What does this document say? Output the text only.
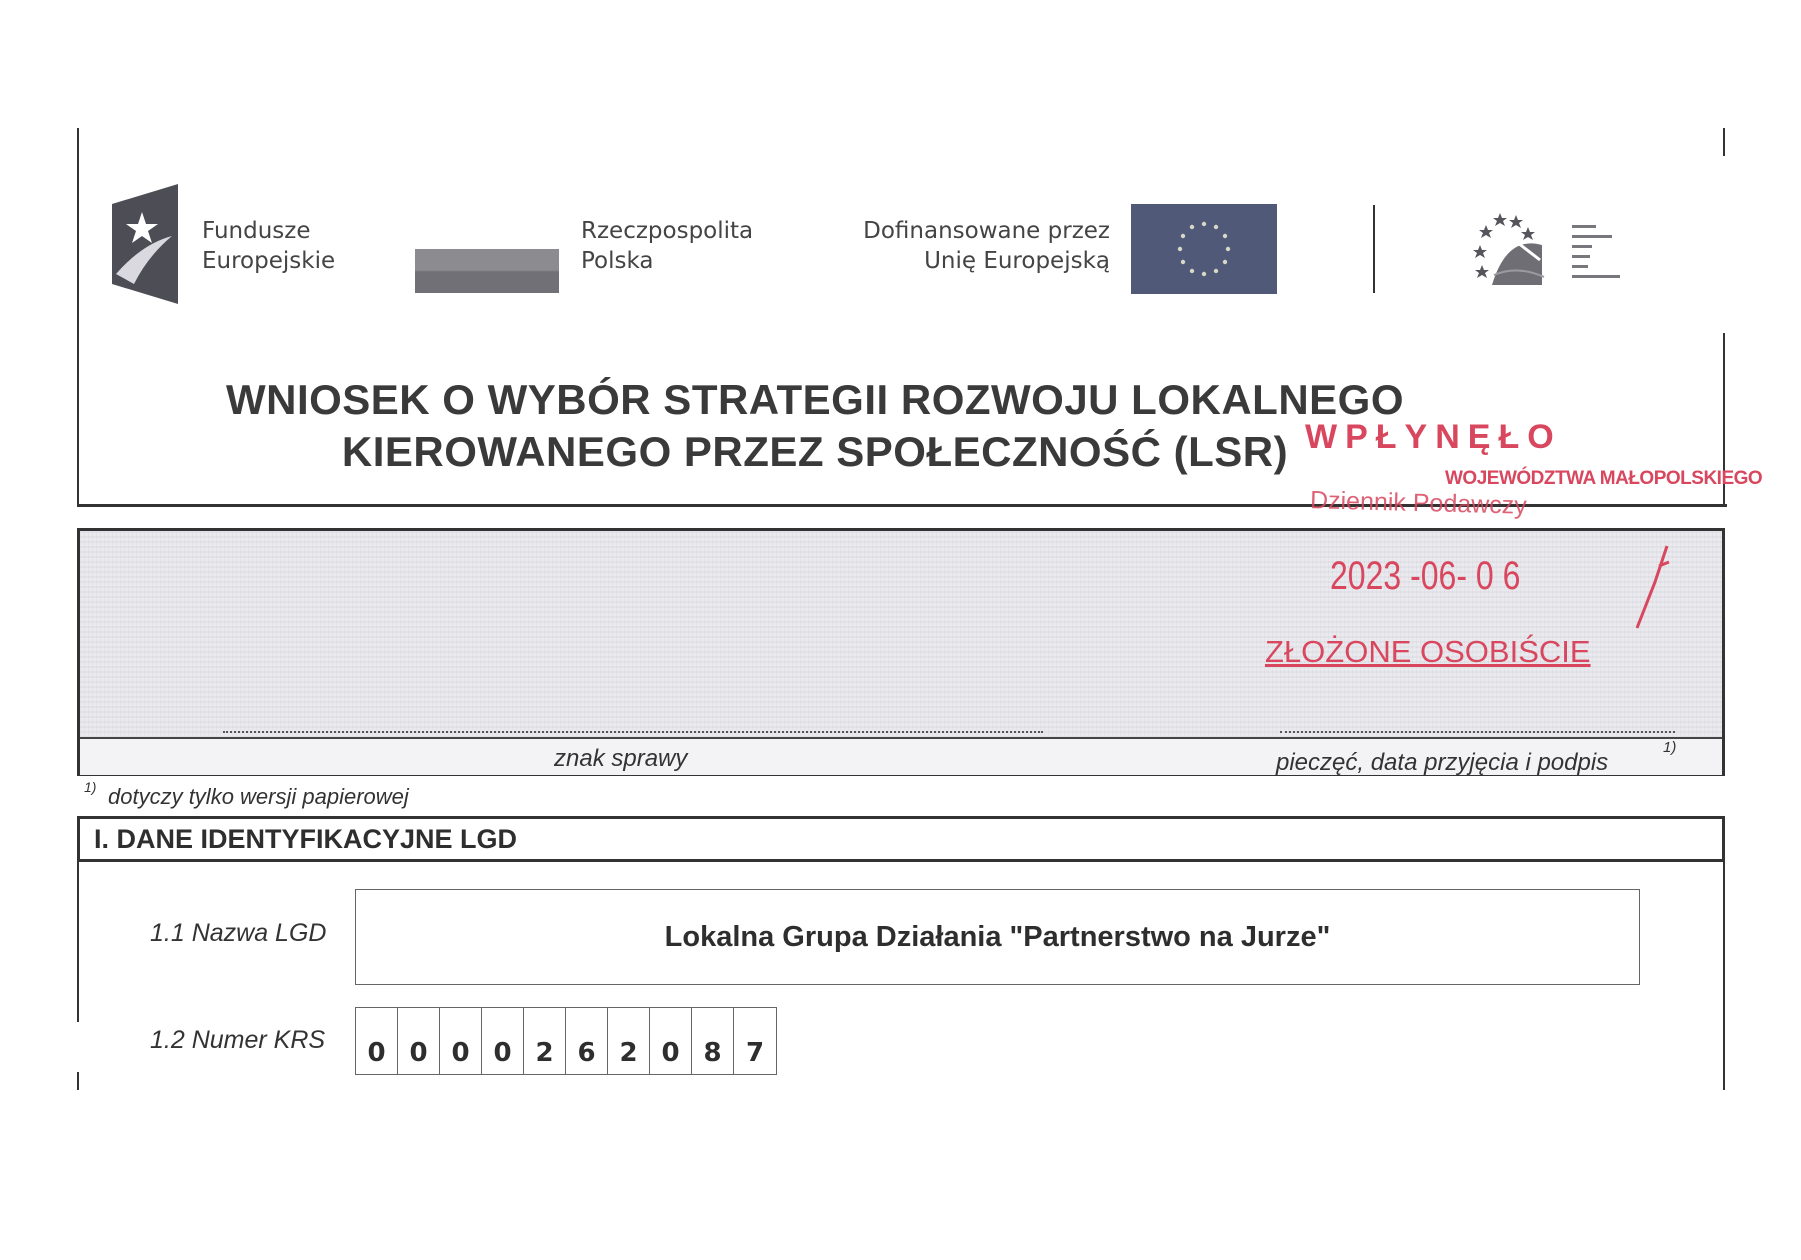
Fundusze
Europejskie
Rzeczpospolita
Polska
Dofinansowane przez
Unię Europejską
WNIOSEK O WYBÓR STRATEGII ROZWOJU LOKALNEGO
KIEROWANEGO PRZEZ SPOŁECZNOŚĆ (LSR) WPŁYNĘŁO
WOJEWÓDZTWA MAŁOPOLSKIEGO
Dziennik Podawczy
znak sprawy	pieczęć, data przyjęcia i podpis
1)
2023 -06- 0 6
ZŁOŻONE OSOBIŚCIE
1) dotyczy tylko wersji papierowej
I. DANE IDENTYFIKACYJNE LGD
1.1 Nazwa LGD	Lokalna Grupa Działania "Partnerstwo na Jurze"
1.2 Numer KRS	0 0 0 0 2 6 2 0 8 7
